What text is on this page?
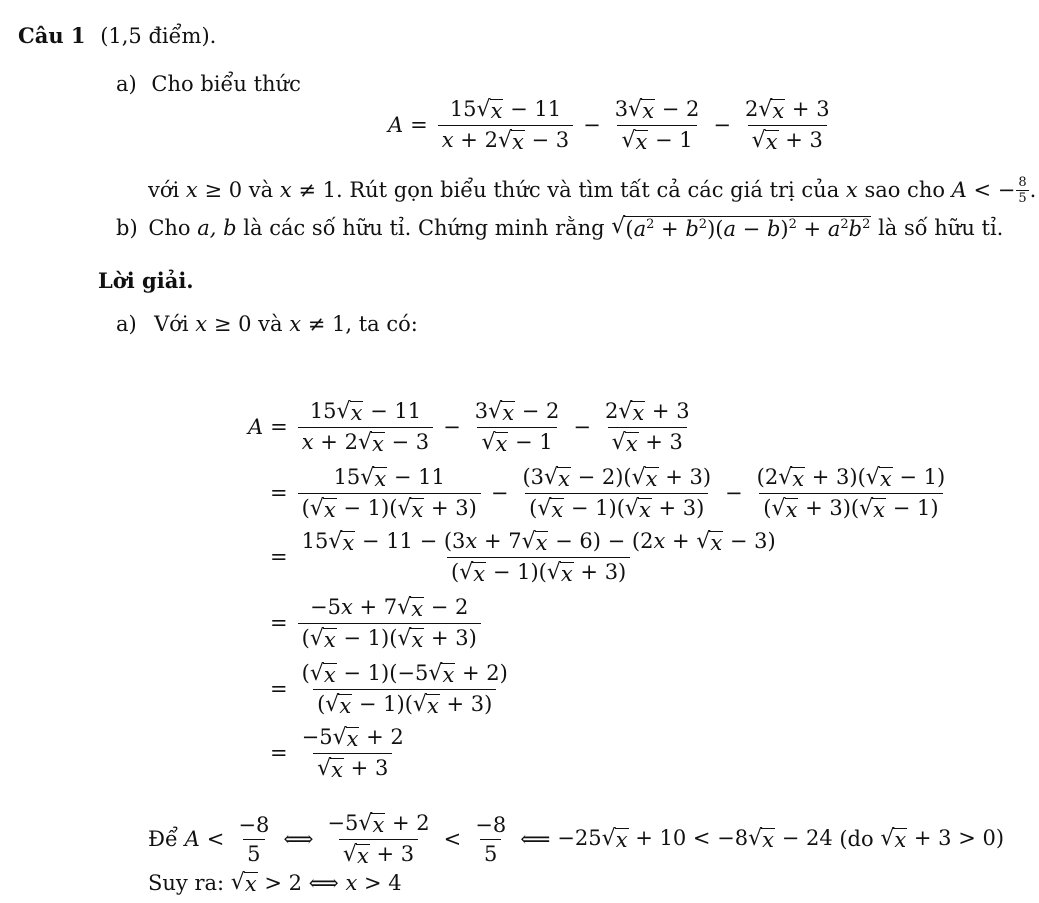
Câu 1 (1,5 điểm).
a) Cho biểu thức
$A = \frac{15 √ x - 11}{x + 2 √ x - 3} - \frac{3 √ x - 2}{√ x - 1} - \frac{2 √ x + 3}{√ x + 3}$
với
x ≥ 0 và
x ≠ 1. Rút gọn biểu thức và tìm tất cả các giá trị của
x
sao cho
A < − 8
5 .
b)
Cho
a, b
là các số hữu tỉ. Chứng minh rằng
√ $(a^2 + b^2)(a - b)^2 + a^2b^2$
là số hữu tỉ.
Lời giải.
a) Với x ≥ 0 và x ≠ 1, ta có:
$A = \frac{15 √ x - 11}{x + 2 √ x - 3} - \frac{3 √ x - 2}{√ x - 1} - \frac{2 √ x + 3}{√ x + 3}$
= $\frac{15 √ x - 11}{( √ x - 1)( √ x + 3)} - \frac{(3 √ x - 2)( √ x + 3)}{( √ x - 1)( √ x + 3)} - \frac{(2 √ x + 3)( √ x - 1)}{( √ x + 3)( √ x - 1)}$
= $\frac{15 √ x - 11 - (3x + 7 √ x - 6) - (2x + √ x - 3)}{( √ x - 1)( √ x + 3)}$
= $\frac{-5x + 7 √ x - 2}{( √ x - 1)( √ x + 3)}$
= $\frac{( √ x - 1)(-5 √ x + 2)}{( √ x - 1)( √ x + 3)}$
= $\frac{-5 √ x + 2}{√ x + 3}$
Để
$A < \frac{-8}{5}$ ⟺ $\frac{-5 √ x + 2}{√ x + 3} < \frac{-8}{5}$ ⟸ −25 √ x + 10 < −8 √ x − 24 (do
√ x + 3 > 0)
Suy ra:
√ x > 2 ⟺ x > 4
